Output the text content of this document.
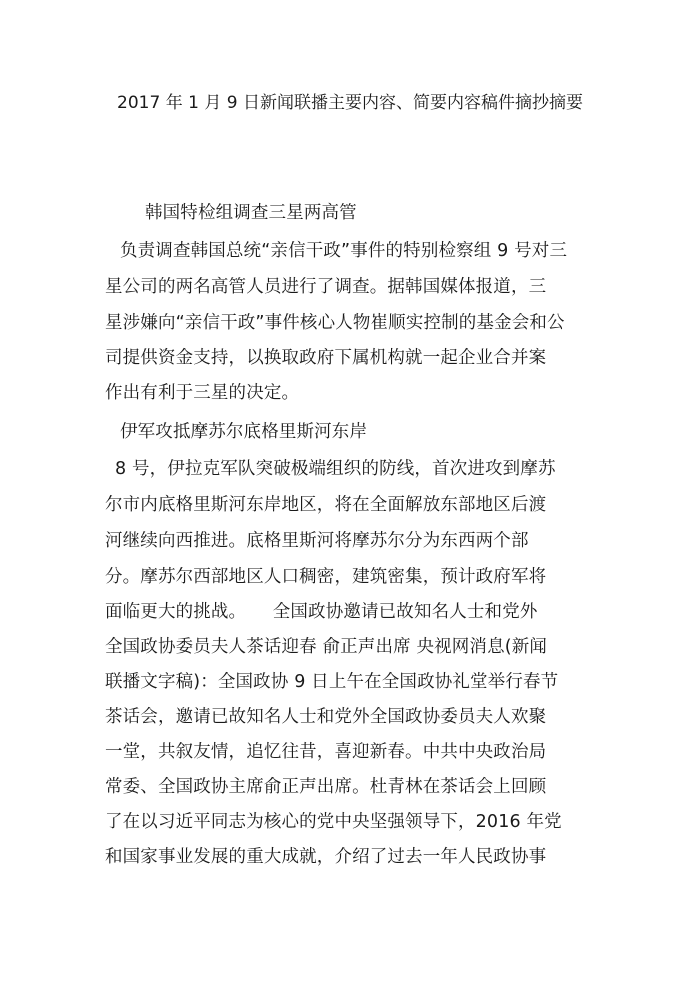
2017 年 1 月 9 日新闻联播主要内容、简要内容稿件摘抄摘要
韩国特检组调查三星两高管
负责调查韩国总统“亲信干政”事件的特别检察组 9 号对三
星公司的两名高管人员进行了调查。据韩国媒体报道，三
星涉嫌向“亲信干政”事件核心人物崔顺实控制的基金会和公
司提供资金支持，以换取政府下属机构就一起企业合并案
作出有利于三星的决定。
伊军攻抵摩苏尔底格里斯河东岸
8 号，伊拉克军队突破极端组织的防线，首次进攻到摩苏
尔市内底格里斯河东岸地区，将在全面解放东部地区后渡
河继续向西推进。底格里斯河将摩苏尔分为东西两个部
分。摩苏尔西部地区人口稠密，建筑密集，预计政府军将
面临更大的挑战。　　全国政协邀请已故知名人士和党外
全国政协委员夫人茶话迎春 俞正声出席 央视网消息(新闻
联播文字稿)：全国政协 9 日上午在全国政协礼堂举行春节
茶话会，邀请已故知名人士和党外全国政协委员夫人欢聚
一堂，共叙友情，追忆往昔，喜迎新春。中共中央政治局
常委、全国政协主席俞正声出席。杜青林在茶话会上回顾
了在以习近平同志为核心的党中央坚强领导下，2016 年党
和国家事业发展的重大成就，介绍了过去一年人民政协事
